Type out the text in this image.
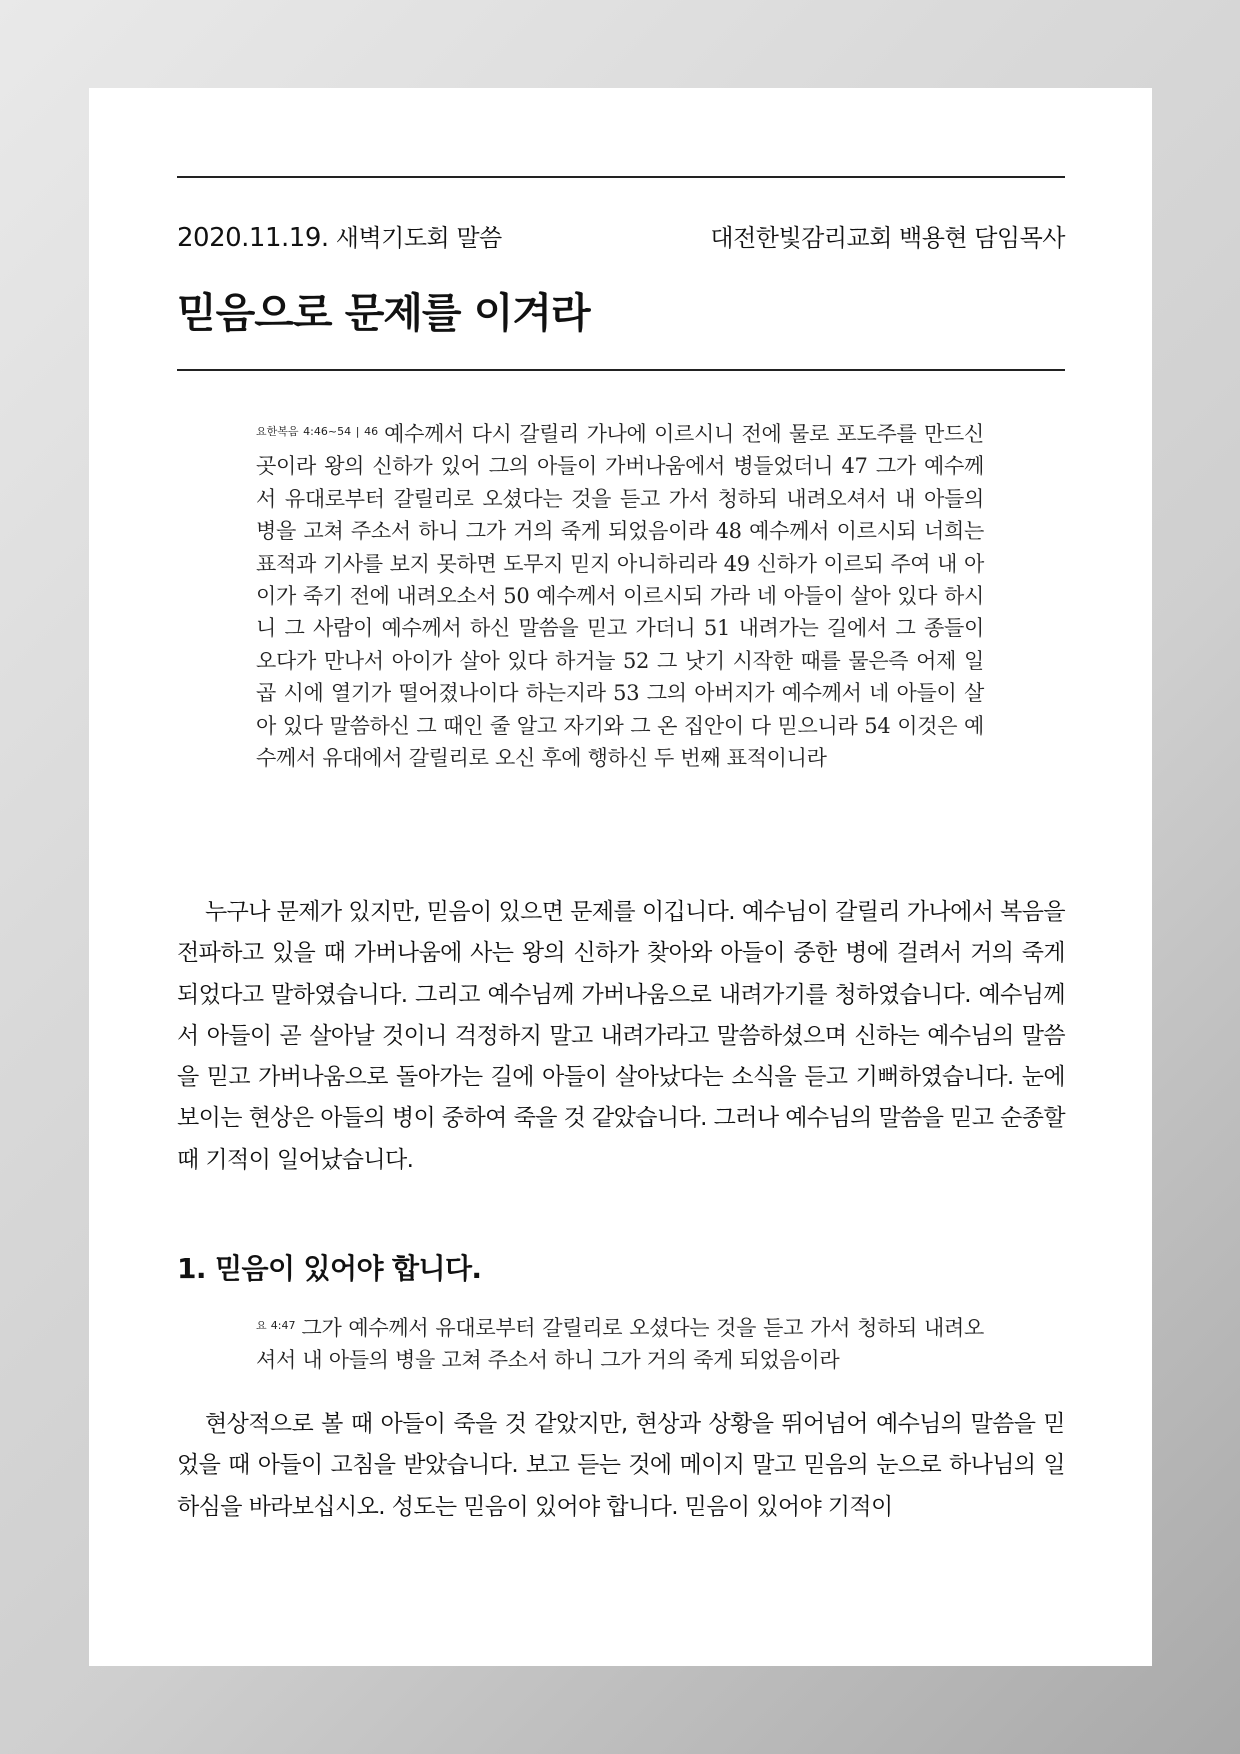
2020.11.19. 새벽기도회 말씀	대전한빛감리교회 백용현 담임목사
믿음으로 문제를 이겨라
$^{요한복음 4:46\sim 54 | 46}$ 예수께서 다시 갈릴리 가나에 이르시니 전에 물로 포도주를 만드신 곳이라 왕의 신하가 있어 그의 아들이 가버나움에서 병들었더니 47 그가 예수께서 유대로부터 갈릴리로 오셨다는 것을 듣고 가서 청하되 내려오셔서 내 아들의 병을 고쳐 주소서 하니 그가 거의 죽게 되었음이라 48 예수께서 이르시되 너희는 표적과 기사를 보지 못하면 도무지 믿지 아니하리라 49 신하가 이르되 주여 내 아이가 죽기 전에 내려오소서 50 예수께서 이르시되 가라 네 아들이 살아 있다 하시니 그 사람이 예수께서 하신 말씀을 믿고 가더니 51 내려가는 길에서 그 종들이 오다가 만나서 아이가 살아 있다 하거늘 52 그 낫기 시작한 때를 물은즉 어제 일곱 시에 열기가 떨어졌나이다 하는지라 53 그의 아버지가 예수께서 네 아들이 살아 있다 말씀하신 그 때인 줄 알고 자기와 그 온 집안이 다 믿으니라 54 이것은 예수께서 유대에서 갈릴리로 오신 후에 행하신 두 번째 표적이니라

누구나 문제가 있지만, 믿음이 있으면 문제를 이깁니다. 예수님이 갈릴리 가나에서 복음을 전파하고 있을 때 가버나움에 사는 왕의 신하가 찾아와 아들이 중한 병에 걸려서 거의 죽게 되었다고 말하였습니다. 그리고 예수님께 가버나움으로 내려가기를 청하였습니다. 예수님께서 아들이 곧 살아날 것이니 걱정하지 말고 내려가라고 말씀하셨으며 신하는 예수님의 말씀을 믿고 가버나움으로 돌아가는 길에 아들이 살아났다는 소식을 듣고 기뻐하였습니다. 눈에 보이는 현상은 아들의 병이 중하여 죽을 것 같았습니다. 그러나 예수님의 말씀을 믿고 순종할 때 기적이 일어났습니다.

1. 믿음이 있어야 합니다.
$^{요 4:47}$ 그가 예수께서 유대로부터 갈릴리로 오셨다는 것을 듣고 가서 청하되 내려오셔서 내 아들의 병을 고쳐 주소서 하니 그가 거의 죽게 되었음이라

현상적으로 볼 때 아들이 죽을 것 같았지만, 현상과 상황을 뛰어넘어 예수님의 말씀을 믿었을 때 아들이 고침을 받았습니다. 보고 듣는 것에 메이지 말고 믿음의 눈으로 하나님의 일 하심을 바라보십시오. 성도는 믿음이 있어야 합니다. 믿음이 있어야 기적이
